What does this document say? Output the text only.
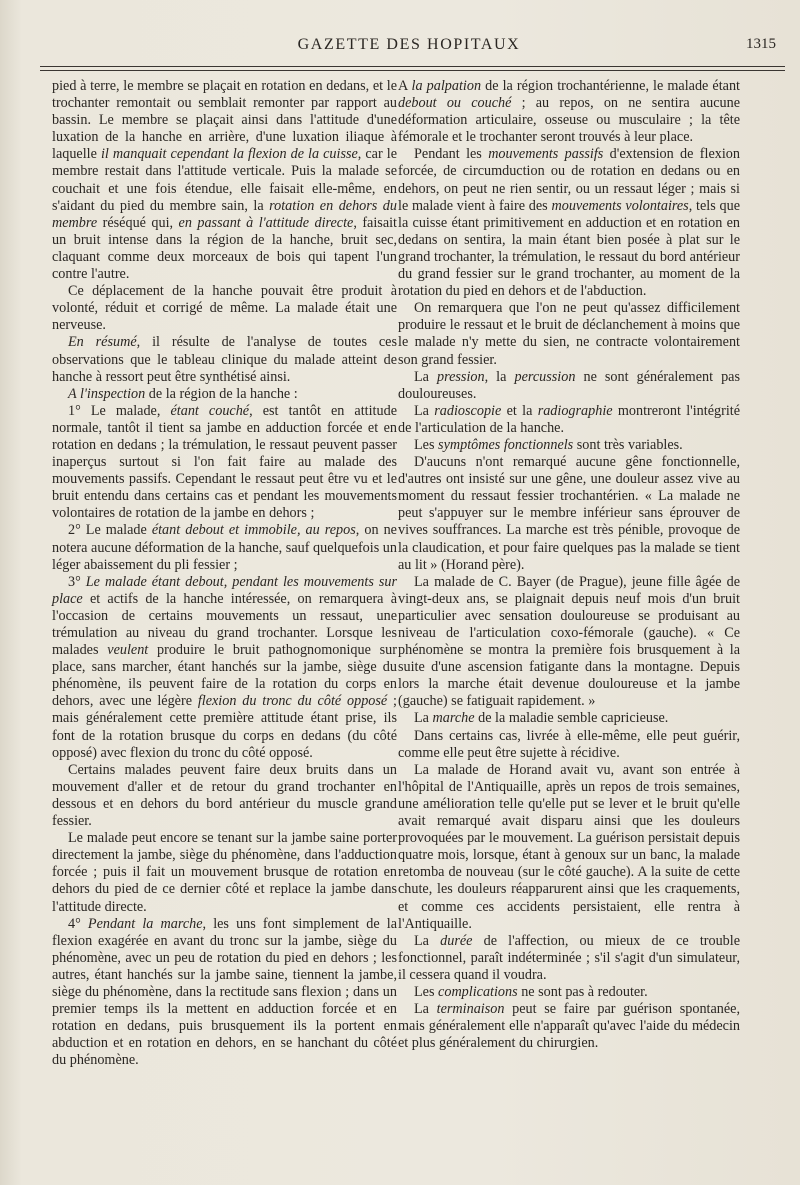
GAZETTE DES HOPITAUX	1315

pied à terre, le membre se plaçait en rotation en dedans, et le trochanter remontait ou semblait remonter par rapport au bassin. Le membre se plaçait ainsi dans l'attitude d'une luxation de la hanche en arrière, d'une luxation iliaque à laquelle il manquait cependant la flexion de la cuisse, car le membre restait dans l'attitude verticale. Puis la malade se couchait et une fois étendue, elle faisait elle-même, en s'aidant du pied du membre sain, la rotation en dehors du membre réséqué qui, en passant à l'attitude directe, faisait un bruit intense dans la région de la hanche, bruit sec, claquant comme deux morceaux de bois qui tapent l'un contre l'autre.

Ce déplacement de la hanche pouvait être produit à volonté, réduit et corrigé de même. La malade était une nerveuse.

En résumé, il résulte de l'analyse de toutes ces observations que le tableau clinique du malade atteint de hanche à ressort peut être synthétisé ainsi.

A l'inspection de la région de la hanche :

1° Le malade, étant couché, est tantôt en attitude normale, tantôt il tient sa jambe en adduction forcée et en rotation en dedans ; la trémulation, le ressaut peuvent passer inaperçus surtout si l'on fait faire au malade des mouvements passifs. Cependant le ressaut peut être vu et le bruit entendu dans certains cas et pendant les mouvements volontaires de rotation de la jambe en dehors ;

2° Le malade étant debout et immobile, au repos, on ne notera aucune déformation de la hanche, sauf quelquefois un léger abaissement du pli fessier ;

3° Le malade étant debout, pendant les mouvements sur place et actifs de la hanche intéressée, on remarquera à l'occasion de certains mouvements un ressaut, une trémulation au niveau du grand trochanter. Lorsque les malades veulent produire le bruit pathognomonique sur place, sans marcher, étant hanchés sur la jambe, siège du phénomène, ils peuvent faire de la rotation du corps en dehors, avec une légère flexion du tronc du côté opposé ; mais généralement cette première attitude étant prise, ils font de la rotation brusque du corps en dedans (du côté opposé) avec flexion du tronc du côté opposé.

Certains malades peuvent faire deux bruits dans un mouvement d'aller et de retour du grand trochanter en dessous et en dehors du bord antérieur du muscle grand fessier.

Le malade peut encore se tenant sur la jambe saine porter directement la jambe, siège du phénomène, dans l'adduction forcée ; puis il fait un mouvement brusque de rotation en dehors du pied de ce dernier côté et replace la jambe dans l'attitude directe.

4° Pendant la marche, les uns font simplement de la flexion exagérée en avant du tronc sur la jambe, siège du phénomène, avec un peu de rotation du pied en dehors ; les autres, étant hanchés sur la jambe saine, tiennent la jambe, siège du phénomène, dans la rectitude sans flexion ; dans un premier temps ils la mettent en adduction forcée et en rotation en dedans, puis brusquement ils la portent en abduction et en rotation en dehors, en se hanchant du côté du phénomène.

A la palpation de la région trochantérienne, le malade étant debout ou couché ; au repos, on ne sentira aucune déformation articulaire, osseuse ou musculaire ; la tête fémorale et le trochanter seront trouvés à leur place.

Pendant les mouvements passifs d'extension de flexion forcée, de circumduction ou de rotation en dedans ou en dehors, on peut ne rien sentir, ou un ressaut léger ; mais si le malade vient à faire des mouvements volontaires, tels que la cuisse étant primitivement en adduction et en rotation en dedans on sentira, la main étant bien posée à plat sur le grand trochanter, la trémulation, le ressaut du bord antérieur du grand fessier sur le grand trochanter, au moment de la rotation du pied en dehors et de l'abduction.

On remarquera que l'on ne peut qu'assez difficilement produire le ressaut et le bruit de déclanchement à moins que le malade n'y mette du sien, ne contracte volontairement son grand fessier.

La pression, la percussion ne sont généralement pas douloureuses.

La radioscopie et la radiographie montreront l'intégrité de l'articulation de la hanche.

Les symptômes fonctionnels sont très variables.

D'aucuns n'ont remarqué aucune gêne fonctionnelle, d'autres ont insisté sur une gêne, une douleur assez vive au moment du ressaut fessier trochantérien. « La malade ne peut s'appuyer sur le membre inférieur sans éprouver de vives souffrances. La marche est très pénible, provoque de la claudication, et pour faire quelques pas la malade se tient au lit » (Horand père).

La malade de C. Bayer (de Prague), jeune fille âgée de vingt-deux ans, se plaignait depuis neuf mois d'un bruit particulier avec sensation douloureuse se produisant au niveau de l'articulation coxo-fémorale (gauche). « Ce phénomène se montra la première fois brusquement à la suite d'une ascension fatigante dans la montagne. Depuis lors la marche était devenue douloureuse et la jambe (gauche) se fatiguait rapidement. »

La marche de la maladie semble capricieuse.

Dans certains cas, livrée à elle-même, elle peut guérir, comme elle peut être sujette à récidive.

La malade de Horand avait vu, avant son entrée à l'hôpital de l'Antiquaille, après un repos de trois semaines, une amélioration telle qu'elle put se lever et le bruit qu'elle avait remarqué avait disparu ainsi que les douleurs provoquées par le mouvement. La guérison persistait depuis quatre mois, lorsque, étant à genoux sur un banc, la malade retomba de nouveau (sur le côté gauche). A la suite de cette chute, les douleurs réapparurent ainsi que les craquements, et comme ces accidents persistaient, elle rentra à l'Antiquaille.

La durée de l'affection, ou mieux de ce trouble fonctionnel, paraît indéterminée ; s'il s'agit d'un simulateur, il cessera quand il voudra.

Les complications ne sont pas à redouter.

La terminaison peut se faire par guérison spontanée, mais généralement elle n'apparaît qu'avec l'aide du médecin et plus généralement du chirurgien.
